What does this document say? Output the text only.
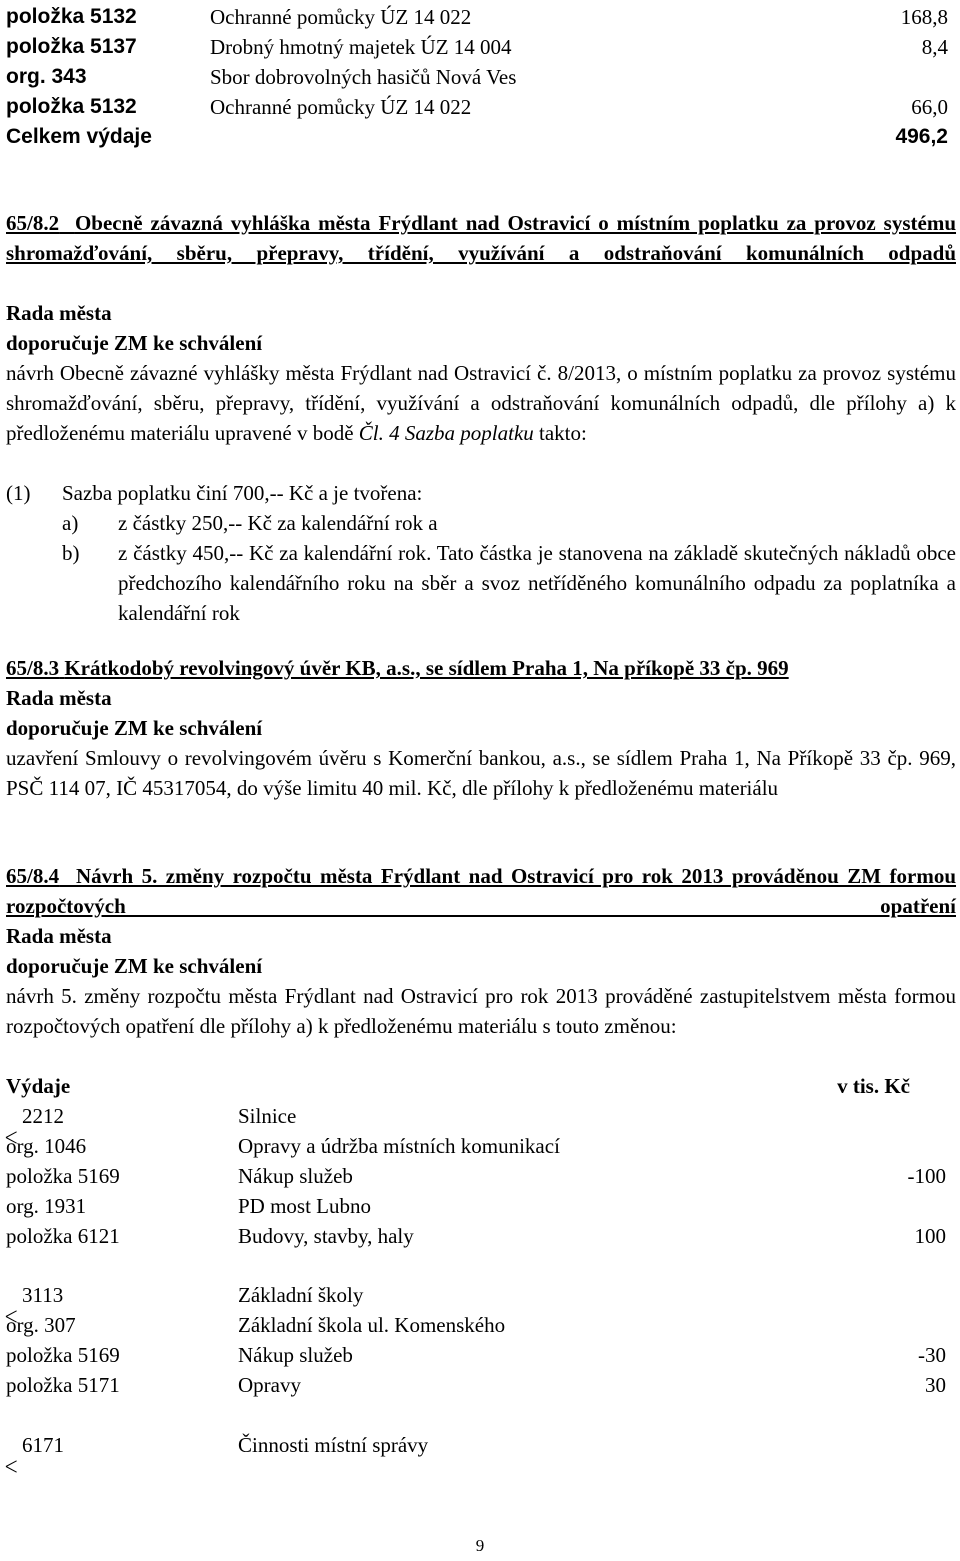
položka 5132	Ochranné pomůcky ÚZ 14 022	168,8
položka 5137	Drobný hmotný majetek ÚZ 14 004	8,4
org. 343	Sbor dobrovolných hasičů Nová Ves
položka 5132	Ochranné pomůcky ÚZ 14 022	66,0
Celkem výdaje	496,2

65/8.2 Obecně závazná vyhláška města Frýdlant nad Ostravicí o místním poplatku za provoz systému shromažďování, sběru, přepravy, třídění, využívání a odstraňování komunálních odpadů

Rada města
doporučuje ZM ke schválení

návrh Obecně závazné vyhlášky města Frýdlant nad Ostravicí č. 8/2013, o místním poplatku za provoz systému shromažďování, sběru, přepravy, třídění, využívání a odstraňování komunálních odpadů, dle přílohy a) k předloženému materiálu upravené v bodě Čl. 4 Sazba poplatku takto:

(1) Sazba poplatku činí 700,-- Kč a je tvořena:
a) z částky 250,-- Kč za kalendářní rok a
b) z částky 450,-- Kč za kalendářní rok. Tato částka je stanovena na základě skutečných nákladů obce předchozího kalendářního roku na sběr a svoz netříděného komunálního odpadu za poplatníka a kalendářní rok

65/8.3 Krátkodobý revolvingový úvěr KB, a.s., se sídlem Praha 1, Na příkopě 33 čp. 969
Rada města
doporučuje ZM ke schválení

uzavření Smlouvy o revolvingovém úvěru s Komerční bankou, a.s., se sídlem Praha 1, Na Příkopě 33 čp. 969, PSČ 114 07, IČ 45317054, do výše limitu 40 mil. Kč, dle přílohy k předloženému materiálu

65/8.4 Návrh 5. změny rozpočtu města Frýdlant nad Ostravicí pro rok 2013 prováděnou ZM formou rozpočtových opatření

Rada města
doporučuje ZM ke schválení

návrh 5. změny rozpočtu města Frýdlant nad Ostravicí pro rok 2013 prováděné zastupitelstvem města formou rozpočtových opatření dle přílohy a) k předloženému materiálu s touto změnou:

Výdaje	v tis. Kč
2212	Silnice
org. 1046	Opravy a údržba místních komunikací
položka 5169	Nákup služeb	-100
org. 1931	PD most Lubno
položka 6121	Budovy, stavby, haly	100
3113	Základní školy
org. 307	Základní škola ul. Komenského
položka 5169	Nákup služeb	-30
položka 5171	Opravy	30
6171	Činnosti místní správy
9
